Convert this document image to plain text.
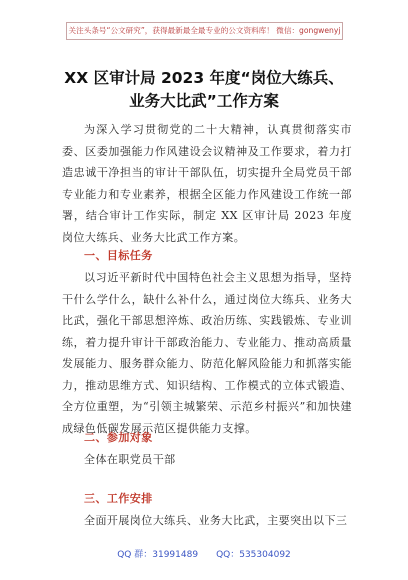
关注头条号“公文研究”，获得最新最全最专业的公文资料库！ 微信：gongwenyj
XX 区审计局 2023 年度“岗位大练兵、
业务大比武”工作方案

为深入学习贯彻党的二十大精神，认真贯彻落实市委、区委加强能力作风建设会议精神及工作要求，着力打造忠诚干净担当的审计干部队伍，切实提升全局党员干部专业能力和专业素养，根据全区能力作风建设工作统一部署，结合审计工作实际，制定 XX 区审计局 2023 年度岗位大练兵、业务大比武工作方案。

一、目标任务

以习近平新时代中国特色社会主义思想为指导，坚持干什么学什么，缺什么补什么，通过岗位大练兵、业务大比武，强化干部思想淬炼、政治历练、实践锻炼、专业训练，着力提升审计干部政治能力、专业能力、推动高质量发展能力、服务群众能力、防范化解风险能力和抓落实能力，推动思维方式、知识结构、工作模式的立体式锻造、全方位重塑，为“引领主城繁荣、示范乡村振兴”和加快建成绿色低碳发展示范区提供能力支撑。

二、参加对象

全体在职党员干部

三、工作安排

全面开展岗位大练兵、业务大比武，主要突出以下三

QQ 群：31991489 QQ：535304092
